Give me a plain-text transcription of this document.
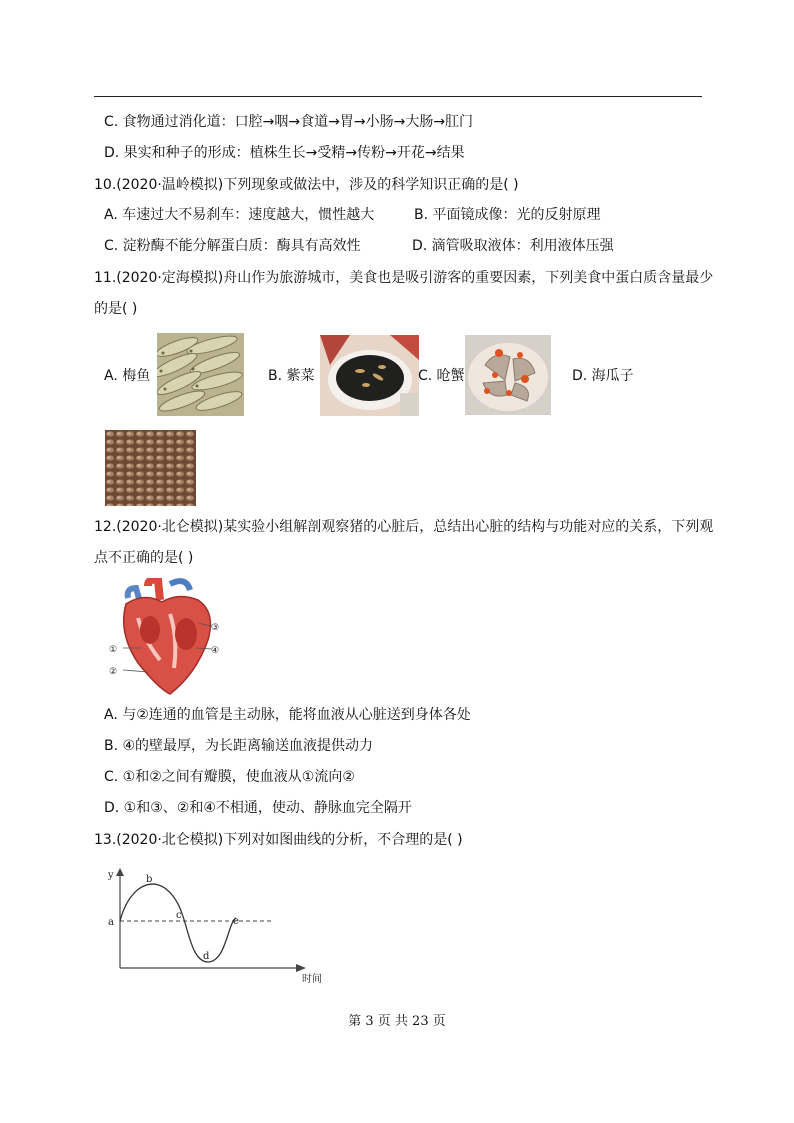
C. 食物通过消化道：口腔→咽→食道→胃→小肠→大肠→肛门
D. 果实和种子的形成：植株生长→受精→传粉→开花→结果
10.(2020·温岭模拟)下列现象或做法中，涉及的科学知识正确的是( )
A. 车速过大不易刹车：速度越大，惯性越大	B. 平面镜成像：光的反射原理
C. 淀粉酶不能分解蛋白质：酶具有高效性	D. 滴管吸取液体：利用液体压强
11.(2020·定海模拟)舟山作为旅游城市，美食也是吸引游客的重要因素，下列美食中蛋白质含量最少
的是( )
A. 梅鱼	B. 紫菜	C. 呛蟹	D. 海瓜子
12.(2020·北仑模拟)某实验小组解剖观察猪的心脏后，总结出心脏的结构与功能对应的关系，下列观
点不正确的是( )
③
①	④
②
A. 与②连通的血管是主动脉，能将血液从心脏送到身体各处
B. ④的壁最厚，为长距离输送血液提供动力
C. ①和②之间有瓣膜，使血液从①流向②
D. ①和③、②和④不相通，使动、静脉血完全隔开
13.(2020·北仑模拟)下列对如图曲线的分析，不合理的是( )
y
时间
a
b
c
d
e
第 3 页 共 23 页
